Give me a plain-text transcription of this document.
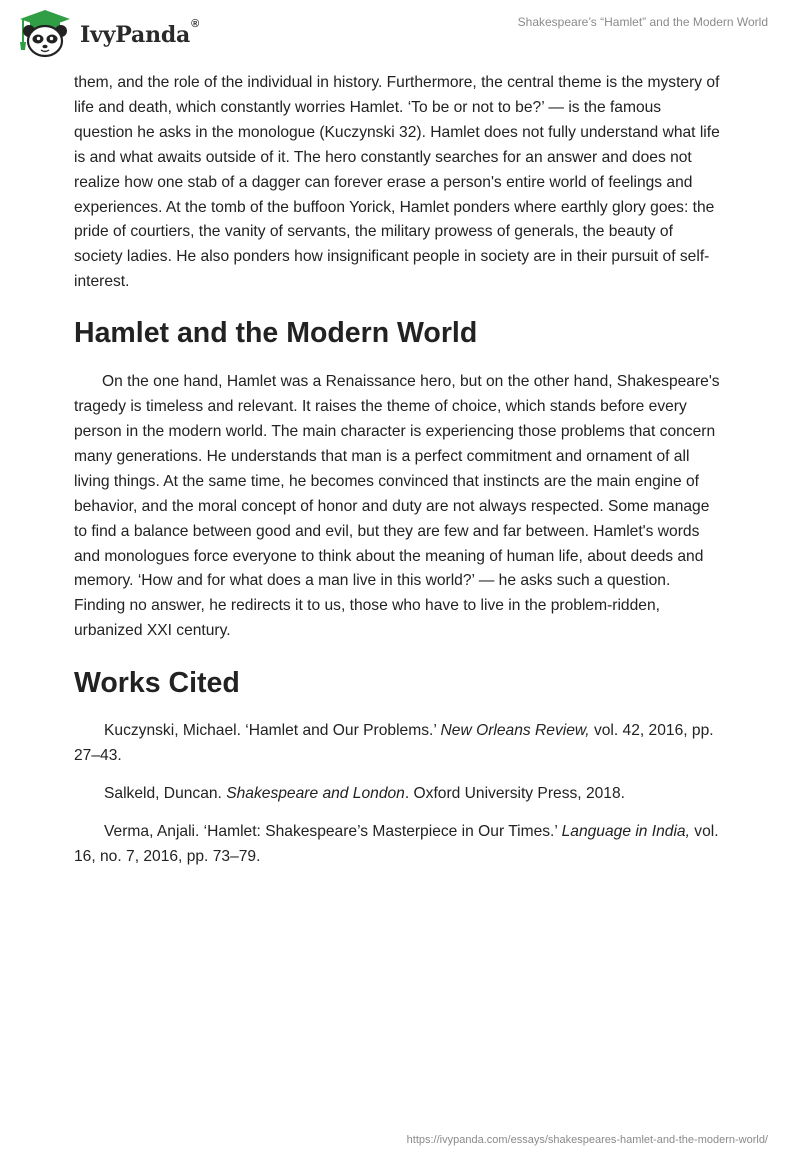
IvyPanda®	Shakespeare’s “Hamlet” and the Modern World

them, and the role of the individual in history. Furthermore, the central theme is the mystery of life and death, which constantly worries Hamlet. ‘To be or not to be?’ — is the famous question he asks in the monologue (Kuczynski 32). Hamlet does not fully understand what life is and what awaits outside of it. The hero constantly searches for an answer and does not realize how one stab of a dagger can forever erase a person's entire world of feelings and experiences. At the tomb of the buffoon Yorick, Hamlet ponders where earthly glory goes: the pride of courtiers, the vanity of servants, the military prowess of generals, the beauty of society ladies. He also ponders how insignificant people in society are in their pursuit of self-interest.

Hamlet and the Modern World

On the one hand, Hamlet was a Renaissance hero, but on the other hand, Shakespeare's tragedy is timeless and relevant. It raises the theme of choice, which stands before every person in the modern world. The main character is experiencing those problems that concern many generations. He understands that man is a perfect commitment and ornament of all living things. At the same time, he becomes convinced that instincts are the main engine of behavior, and the moral concept of honor and duty are not always respected. Some manage to find a balance between good and evil, but they are few and far between. Hamlet's words and monologues force everyone to think about the meaning of human life, about deeds and memory. ‘How and for what does a man live in this world?’ — he asks such a question. Finding no answer, he redirects it to us, those who have to live in the problem-ridden, urbanized XXI century.

Works Cited

Kuczynski, Michael. ‘Hamlet and Our Problems.’ New Orleans Review, vol. 42, 2016, pp. 27–43.

Salkeld, Duncan. Shakespeare and London. Oxford University Press, 2018.

Verma, Anjali. ‘Hamlet: Shakespeare’s Masterpiece in Our Times.’ Language in India, vol. 16, no. 7, 2016, pp. 73–79.

https://ivypanda.com/essays/shakespeares-hamlet-and-the-modern-world/
